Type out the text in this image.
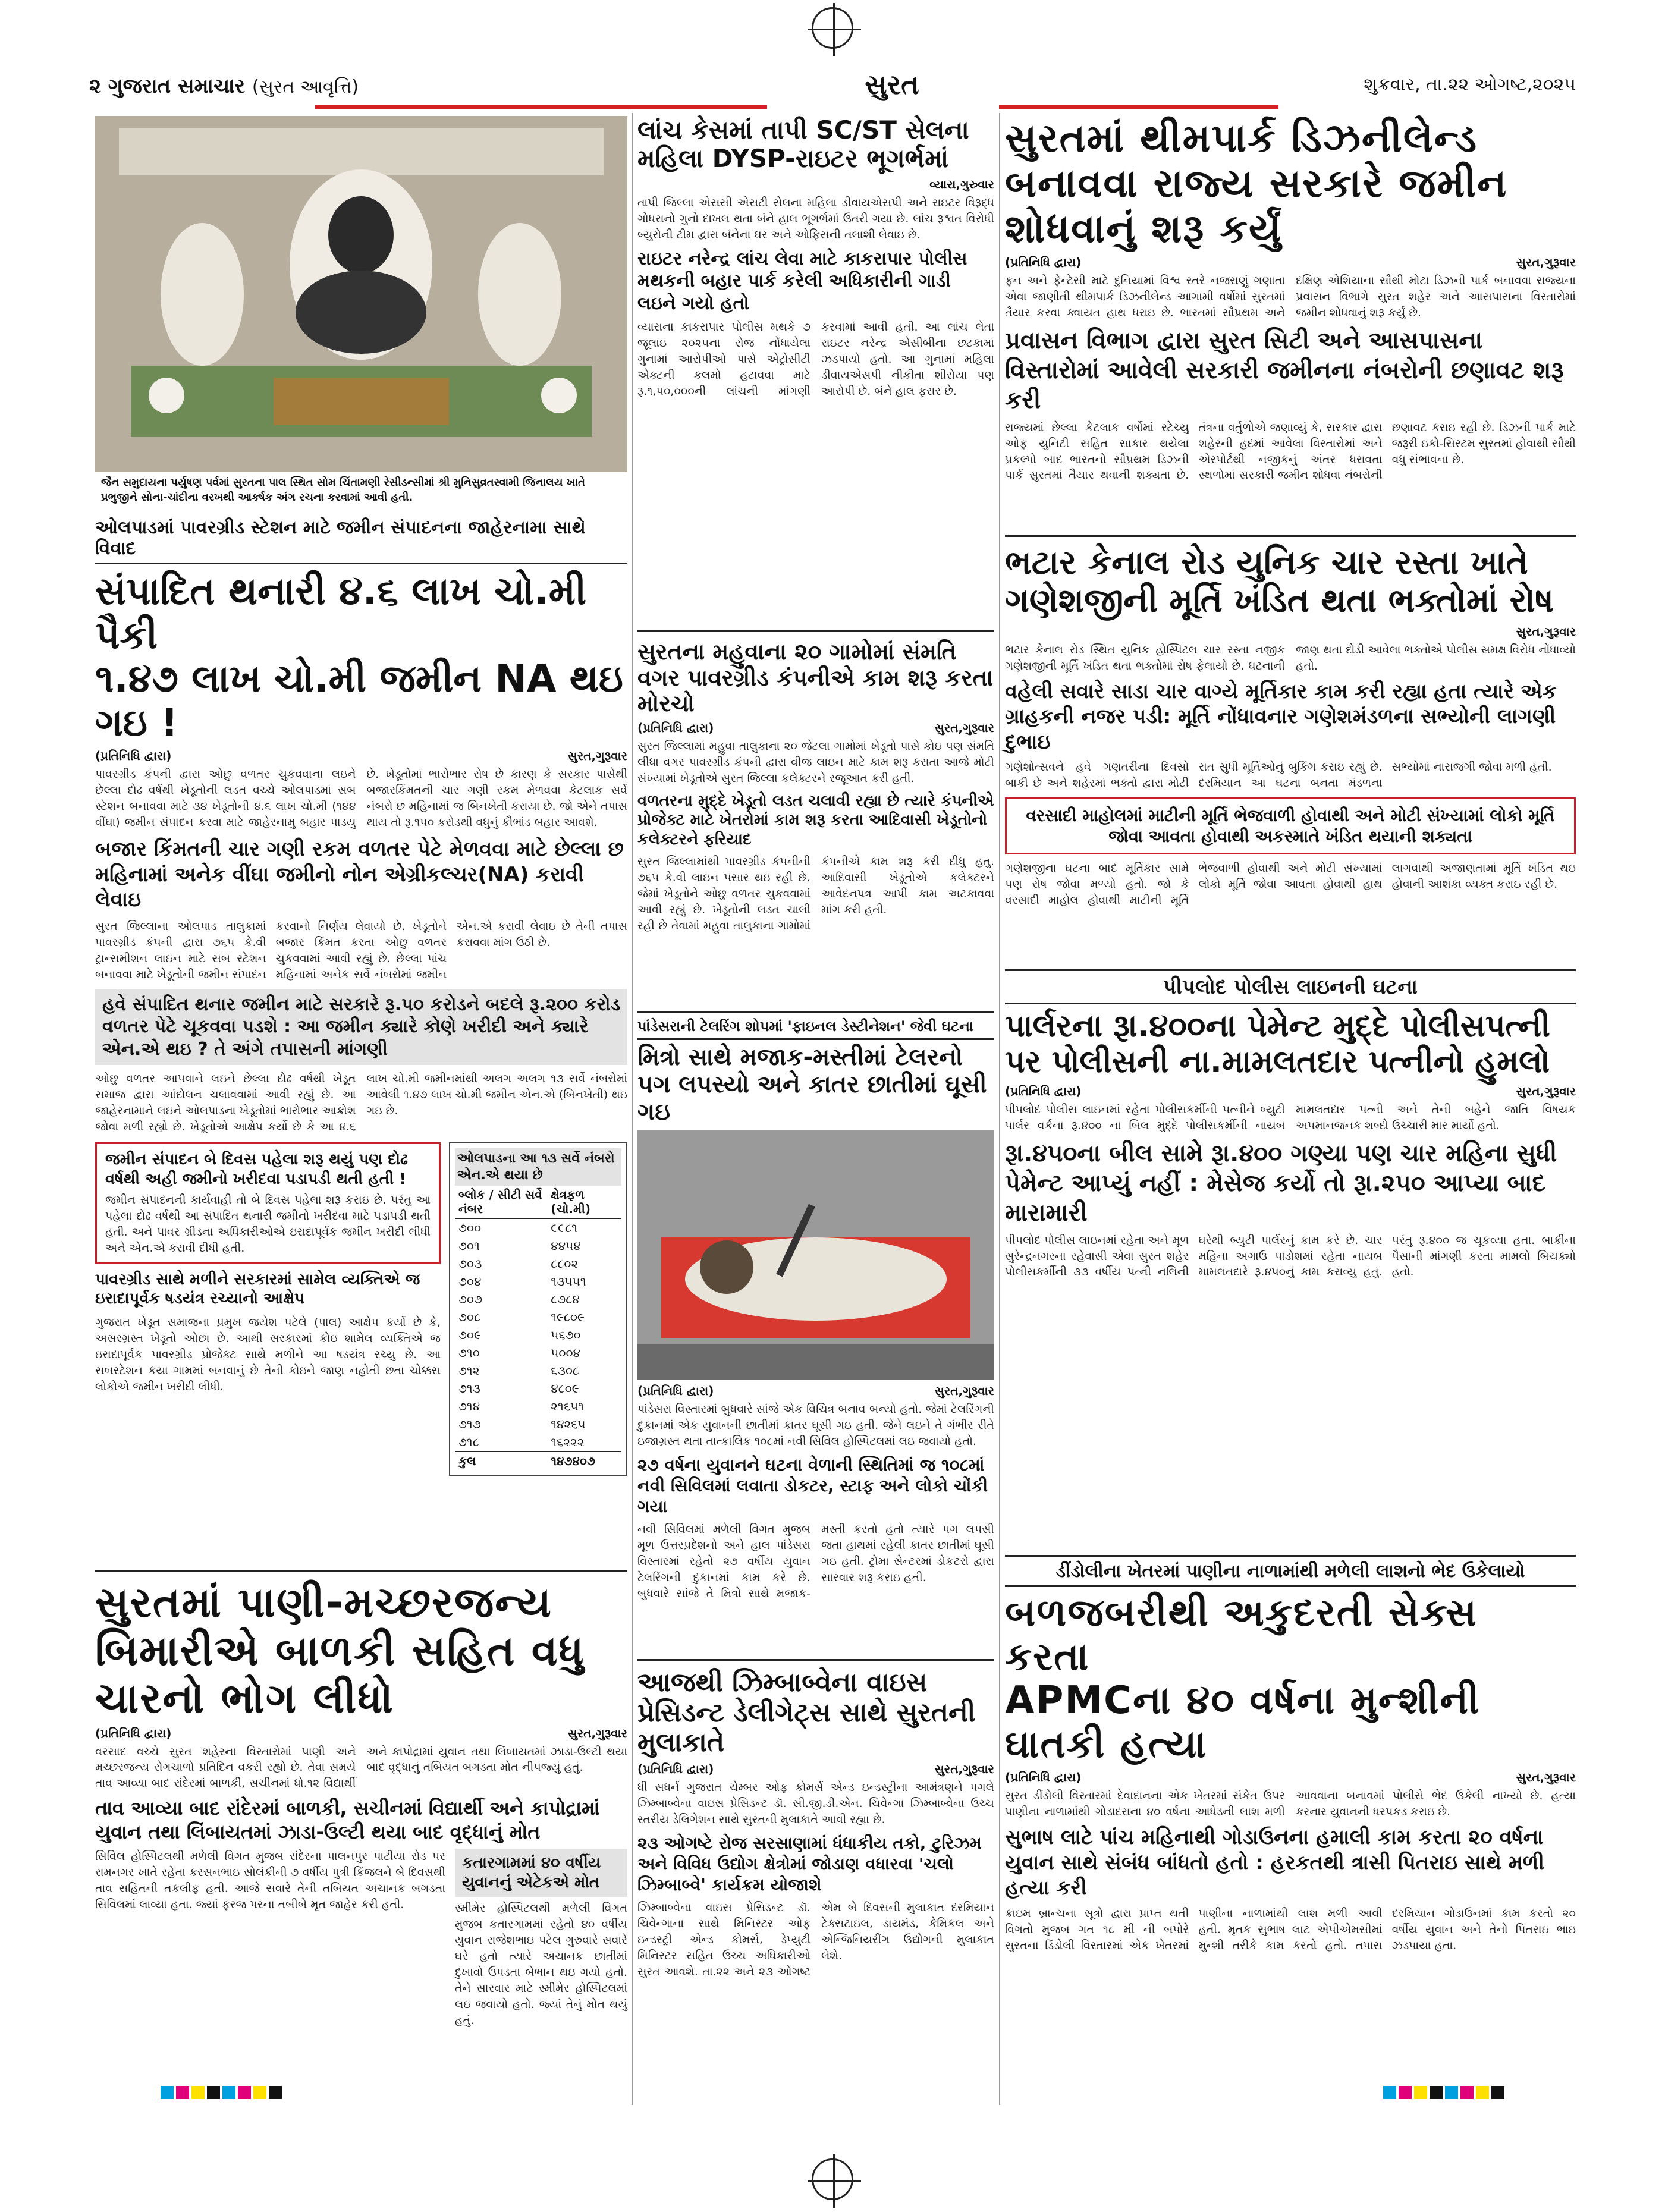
૨ ગુજરાત સમાચાર (સુરત આવૃત્તિ)	સુરત	શુક્રવાર, તા.૨૨ ઓગષ્ટ,૨૦૨૫
જૈન સમુદાયના પર્યુષણ પર્વમાં સુરતના પાલ સ્થિત સોમ ચિંતામણી રેસીડન્સીમાં શ્રી મુનિસુવ્રતસ્વામી જિનાલય ખાતે પ્રભુજીને સોના-ચાંદીના વરખથી આકર્ષક અંગ રચના કરવામાં આવી હતી.
ઓલપાડમાં પાવરગ્રીડ સ્ટેશન માટે જમીન સંપાદનના જાહેરનામા સાથે વિવાદ
સંપાદિત થનારી ૪.૬ લાખ ચો.મી પૈકી
૧.૪૭ લાખ ચો.મી જમીન NA થઇ ગઇ !
(પ્રતિનિધિ દ્વારા)	સુરત,ગુરૂવાર
પાવરગ્રીડ કંપની દ્વારા ઓછુ વળતર ચુકવવાના લઇને છેલ્લા દોઢ વર્ષથી ખેડૂતોની લડત વચ્ચે ઓલપાડમાં સબ સ્ટેશન બનાવવા માટે ૩૪ ખેડૂતોની ૪.૬ લાખ ચો.મી (૧૪૪ વીંઘા) જમીન સંપાદન કરવા માટે જાહેરનામુ બહાર પાડયુ છે. ખેડૂતોમાં ભારોભાર રોષ છે કારણ કે સરકાર પાસેથી બજારકિંમતની ચાર ગણી રકમ મેળવવા કેટલાક સર્વે નંબરો છ મહિનામાં જ બિનખેતી કરાયા છે. જો એને તપાસ થાય તો રૂ.૧૫૦ કરોડથી વધુનું કૌભાંડ બહાર આવશે.
બજાર કિંમતની ચાર ગણી રકમ વળતર પેટે મેળવવા માટે છેલ્લા છ મહિનામાં અનેક વીંઘા જમીનો નોન એગ્રીકલ્ચર(NA) કરાવી લેવાઇ
સુરત જિલ્લાના ઓલપાડ તાલુકામાં પાવરગ્રીડ કંપની દ્વારા ૭૬૫ કે.વી ટ્રાન્સમીશન લાઇન માટે સબ સ્ટેશન બનાવવા માટે ખેડૂતોની જમીન સંપાદન કરવાનો નિર્ણય લેવાયો છે. ખેડૂતોને બજાર કિંમત કરતા ઓછુ વળતર ચુકવવામાં આવી રહ્યું છે. છેલ્લા પાંચ મહિનામાં અનેક સર્વે નંબરોમાં જમીન એન.એ કરાવી લેવાઇ છે તેની તપાસ કરાવવા માંગ ઉઠી છે.
હવે સંપાદિત થનાર જમીન માટે સરકારે રૂ.૫૦ કરોડને બદલે રૂ.૨૦૦ કરોડ વળતર પેટે ચૂકવવા પડશે : આ જમીન ક્યારે કોણે ખરીદી અને ક્યારે એન.એ થઇ ? તે અંગે તપાસની માંગણી
ઓછુ વળતર આપવાને લઇને છેલ્લા દોઢ વર્ષથી ખેડૂત સમાજ દ્વારા આંદોલન ચલાવવામાં આવી રહ્યું છે. આ જાહેરનામાને લઇને ઓલપાડના ખેડૂતોમાં ભારોભાર આક્રોશ જોવા મળી રહ્યો છે. ખેડૂતોએ આક્ષેપ કર્યો છે કે આ ૪.૬ લાખ ચો.મી જમીનમાંથી અલગ અલગ ૧૩ સર્વે નંબરોમાં આવેલી ૧.૪૭ લાખ ચો.મી જમીન એન.એ (બિનખેતી) થઇ ગઇ છે.
જમીન સંપાદન બે દિવસ પહેલા શરૂ થયું પણ દોઢ વર્ષથી અહી જમીનો ખરીદવા પડાપડી થતી હતી !
જમીન સંપાદનની કાર્યવાહી તો બે દિવસ પહેલા શરૂ કરાઇ છે. પરંતુ આ પહેલા દોઢ વર્ષથી આ સંપાદિત થનારી જમીનો ખરીદવા માટે પડાપડી થતી હતી. અને પાવર ગ્રીડના અધિકારીઓએ ઇરાદાપૂર્વક જમીન ખરીદી લીધી અને એન.એ કરાવી દીધી હતી.
પાવરગ્રીડ સાથે મળીને સરકારમાં સામેલ વ્યક્તિએ જ ઇરાદાપૂર્વક ષડયંત્ર રચ્યાનો આક્ષેપ
ગુજરાત ખેડૂત સમાજના પ્રમુખ જયેશ પટેલે (પાલ) આક્ષેપ કર્યો છે કે, અસરગ્રસ્ત ખેડૂતો ઓછા છે. આથી સરકારમાં કોઇ શામેલ વ્યક્તિએ જ ઇરાદાપૂર્વક પાવરગ્રીડ પ્રોજેક્ટ સાથે મળીને આ ષડયંત્ર રચ્યુ છે. આ સબસ્ટેશન કયા ગામમાં બનવાનું છે તેની કોઇને જાણ નહોતી છતા ચોક્કસ લોકોએ જમીન ખરીદી લીધી.
ઓલપાડના આ ૧૩ સર્વે નંબરો એન.એ થયા છે
બ્લોક / સીટી સર્વે નંબર	ક્ષેત્રફળ (ચો.મી)
૭૦૦	૯૯૮૧
૭૦૧	૪૪૫૪
૭૦૩	૮૮૦૨
૭૦૪	૧૩૫૫૧
૭૦૭	૮૭૮૪
૭૦૮	૧૯૮૦૯
૭૦૯	૫૬૭૦
૭૧૦	૫૦૦૪
૭૧૨	૬૩૦૮
૭૧૩	૪૮૦૯
૭૧૪	૨૧૬૫૧
૭૧૭	૧૪૨૬૫
૭૧૮	૧૬૨૨૨
કુલ	૧૪૭૪૦૭
સુરતમાં પાણી-મચ્છરજન્ય બિમારીએ બાળકી સહિત વધુ ચારનો ભોગ લીધો
(પ્રતિનિધિ દ્વારા)	સુરત,ગુરૂવાર
વરસાદ વચ્ચે સુરત શહેરના વિસ્તારોમાં પાણી અને મચ્છરજન્ય રોગચાળો પ્રતિદિન વકરી રહ્યો છે. તેવા સમયે તાવ આવ્યા બાદ રાંદેરમાં બાળકી, સચીનમાં ધો.૧૨ વિદ્યાર્થી અને કાપોદ્રામાં યુવાન તથા લિંબાયતમાં ઝાડા-ઉલ્ટી થયા બાદ વૃદ્ધાનું તબિયત બગડતા મોત નીપજ્યું હતું.
તાવ આવ્યા બાદ રાંદેરમાં બાળકી, સચીનમાં વિદ્યાર્થી અને કાપોદ્રામાં યુવાન તથા લિંબાયતમાં ઝાડા-ઉલ્ટી થયા બાદ વૃદ્ધાનું મોત
સિવિલ હોસ્પિટલથી મળેલી વિગત મુજબ રાંદેરના પાલનપુર પાટીયા રોડ પર રામનગર ખાતે રહેતા કરસનભાઇ સોલંકીની ૭ વર્ષીય પુત્રી કિંજલને બે દિવસથી તાવ સહિતની તકલીફ હતી. આજે સવારે તેની તબિયત અચાનક બગડતા સિવિલમાં લાવ્યા હતા. જ્યાં ફરજ પરના તબીબે મૃત જાહેર કરી હતી.
કતારગામમાં ૪૦ વર્ષીય યુવાનનું એટેકએ મોત
સ્મીમેર હોસ્પિટલથી મળેલી વિગત મુજબ કતારગામમાં રહેતો ૪૦ વર્ષીય યુવાન રાજેશભાઇ પટેલ ગુરુવારે સવારે ઘરે હતો ત્યારે અચાનક છાતીમાં દુખાવો ઉપડતા બેભાન થઇ ગયો હતો. તેને સારવાર માટે સ્મીમેર હોસ્પિટલમાં લઇ જવાયો હતો. જ્યાં તેનું મોત થયું હતું.
લાંચ કેસમાં તાપી SC/ST સેલના મહિલા DYSP-રાઇટર ભૂગર્ભમાં
વ્યારા,ગુરુવાર
તાપી જિલ્લા એસસી એસટી સેલના મહિલા ડીવાયએસપી અને રાઇટર વિરૂદ્ધ ગોધરાનો ગુનો દાખલ થતા બંને હાલ ભૂગર્ભમાં ઉતરી ગયા છે. લાંચ રૂશ્વત વિરોધી બ્યુરોની ટીમ દ્વારા બંનેના ઘર અને ઓફિસની તલાશી લેવાઇ છે.
રાઇટર નરેન્દ્ર લાંચ લેવા માટે કાકરાપાર પોલીસ મથકની બહાર પાર્ક કરેલી અધિકારીની ગાડી લઇને ગયો હતો
વ્યારાના કાકરાપાર પોલીસ મથકે ૭ જૂલાઇ ૨૦૨૫ના રોજ નોંધાયેલા ગુનામાં આરોપીઓ પાસે એટ્રોસીટી એક્ટની કલમો હટાવવા માટે રૂ.૧,૫૦,૦૦૦ની લાંચની માંગણી કરવામાં આવી હતી. આ લાંચ લેતા રાઇટર નરેન્દ્ર એસીબીના છટકામાં ઝડપાયો હતો. આ ગુનામાં મહિલા ડીવાયએસપી નીકીતા શીરોયા પણ આરોપી છે. બંને હાલ ફરાર છે.
સુરતના મહુવાના ૨૦ ગામોમાં સંમતિ વગર પાવરગ્રીડ કંપનીએ કામ શરૂ કરતા મોરચો
(પ્રતિનિધિ દ્વારા)	સુરત,ગુરૂવાર
સુરત જિલ્લામાં મહુવા તાલુકાના ૨૦ જેટલા ગામોમાં ખેડૂતો પાસે કોઇ પણ સંમતિ લીધા વગર પાવરગ્રીડ કંપની દ્વારા વીજ લાઇન માટે કામ શરૂ કરાતા આજે મોટી સંખ્યામાં ખેડૂતોએ સુરત જિલ્લા કલેક્ટરને રજૂઆત કરી હતી.
વળતરના મુદ્દે ખેડૂતો લડત ચલાવી રહ્યા છે ત્યારે કંપનીએ પ્રોજેક્ટ માટે ખેતરોમાં કામ શરૂ કરતા આદિવાસી ખેડૂતોનો કલેક્ટરને ફરિયાદ
સુરત જિલ્લામાંથી પાવરગ્રીડ કંપનીની ૭૬૫ કે.વી લાઇન પસાર થઇ રહી છે. જેમાં ખેડૂતોને ઓછુ વળતર ચુકવવામાં આવી રહ્યું છે. ખેડૂતોની લડત ચાલી રહી છે તેવામાં મહુવા તાલુકાના ગામોમાં કંપનીએ કામ શરૂ કરી દીધુ હતુ. આદિવાસી ખેડૂતોએ કલેક્ટરને આવેદનપત્ર આપી કામ અટકાવવા માંગ કરી હતી.
પાંડેસરાની ટેલરિંગ શોપમાં 'ફાઇનલ ડેસ્ટીનેશન' જેવી ઘટના
મિત્રો સાથે મજાક-મસ્તીમાં ટેલરનો પગ લપસ્યો અને કાતર છાતીમાં ઘૂસી ગઇ
(પ્રતિનિધિ દ્વારા)	સુરત,ગુરૂવાર
પાંડેસરા વિસ્તારમાં બુધવારે સાંજે એક વિચિત્ર બનાવ બન્યો હતો. જેમાં ટેલરિંગની દુકાનમાં એક યુવાનની છાતીમાં કાતર ઘૂસી ગઇ હતી. જેને લઇને તે ગંભીર રીતે ઇજાગ્રસ્ત થતા તાત્કાલિક ૧૦૮માં નવી સિવિલ હોસ્પિટલમાં લઇ જવાયો હતો.
૨૭ વર્ષના યુવાનને ઘટના વેળાની સ્થિતિમાં જ ૧૦૮માં નવી સિવિલમાં લવાતા ડોકટર, સ્ટાફ અને લોકો ચોંકી ગયા
નવી સિવિલમાં મળેલી વિગત મુજબ મૂળ ઉત્તરપ્રદેશનો અને હાલ પાંડેસરા વિસ્તારમાં રહેતો ૨૭ વર્ષીય યુવાન ટેલરિંગની દુકાનમાં કામ કરે છે. બુધવારે સાંજે તે મિત્રો સાથે મજાક-મસ્તી કરતો હતો ત્યારે પગ લપસી જતા હાથમાં રહેલી કાતર છાતીમાં ઘૂસી ગઇ હતી. ટ્રોમા સેન્ટરમાં ડોકટરો દ્વારા સારવાર શરૂ કરાઇ હતી.
આજથી ઝિમ્બાબ્વેના વાઇસ પ્રેસિડન્ટ ડેલીગેટ્સ સાથે સુરતની મુલાકાતે
(પ્રતિનિધિ દ્વારા)	સુરત,ગુરૂવાર
ધી સધર્ન ગુજરાત ચેમ્બર ઓફ કોમર્સ એન્ડ ઇન્ડસ્ટ્રીના આમંત્રણને પગલે ઝિમ્બાબ્વેના વાઇસ પ્રેસિડન્ટ ડૉ. સી.જી.ડી.એન. ચિવેન્ગા ઝિમ્બાબ્વેના ઉચ્ચ સ્તરીય ડેલિગેશન સાથે સુરતની મુલાકાતે આવી રહ્યા છે.
૨૩ ઓગષ્ટે રોજ સરસાણામાં ધંધાકીય તકો, ટુરિઝમ અને વિવિધ ઉદ્યોગ ક્ષેત્રોમાં જોડાણ વધારવા 'ચલો ઝિમ્બાબ્વે' કાર્યક્રમ યોજાશે
ઝિમ્બાબ્વેના વાઇસ પ્રેસિડન્ટ ડૉ. ચિવેન્ગાના સાથે મિનિસ્ટર ઓફ ઇન્ડસ્ટ્રી એન્ડ કોમર્સ, ડેપ્યુટી મિનિસ્ટર સહિત ઉચ્ચ અધિકારીઓ સુરત આવશે. તા.૨૨ અને ૨૩ ઓગષ્ટ એમ બે દિવસની મુલાકાત દરમિયાન ટેક્સટાઇલ, ડાયમંડ, કેમિકલ અને એન્જિનિયરીંગ ઉદ્યોગની મુલાકાત લેશે.
સુરતમાં થીમપાર્ક ડિઝનીલેન્ડ બનાવવા રાજ્ય સરકારે જમીન શોધવાનું શરૂ કર્યું
(પ્રતિનિધિ દ્વારા)	સુરત,ગુરૂવાર
ફન અને ફેન્ટેસી માટે દુનિયામાં વિશ્વ સ્તરે નજરાણું ગણાતા એવા જાણીતી થીમપાર્ક ડિઝનીલેન્ડ આગામી વર્ષોમાં સુરતમાં તૈયાર કરવા ક્વાયત હાથ ધરાઇ છે. ભારતમાં સૌપ્રથમ અને દક્ષિણ એશિયાના સૌથી મોટા ડિઝની પાર્ક બનાવવા રાજ્યના પ્રવાસન વિભાગે સુરત શહેર અને આસપાસના વિસ્તારોમાં જમીન શોધવાનું શરૂ કર્યું છે.
પ્રવાસન વિભાગ દ્વારા સુરત સિટી અને આસપાસના વિસ્તારોમાં આવેલી સરકારી જમીનના નંબરોની છણાવટ શરૂ કરી
રાજ્યમાં છેલ્લા કેટલાક વર્ષોમાં સ્ટેચ્યુ ઓફ યુનિટી સહિત સાકાર થયેલા પ્રકલ્પો બાદ ભારતનો સૌપ્રથમ ડિઝની પાર્ક સુરતમાં તૈયાર થવાની શક્યતા છે. તંત્રના વર્તુળોએ જણાવ્યું કે, સરકાર દ્વારા શહેરની હદમાં આવેલા વિસ્તારોમાં અને એરપોર્ટથી નજીકનું અંતર ધરાવતા સ્થળોમાં સરકારી જમીન શોધવા નંબરોની છણાવટ કરાઇ રહી છે. ડિઝની પાર્ક માટે જરૂરી ઇકો-સિસ્ટમ સુરતમાં હોવાથી સૌથી વધુ સંભાવના છે.
ભટાર કેનાલ રોડ યુનિક ચાર રસ્તા ખાતે ગણેશજીની મૂર્તિ ખંડિત થતા ભક્તોમાં રોષ
સુરત,ગુરૂવાર
ભટાર કેનાલ રોડ સ્થિત યુનિક હોસ્પિટલ ચાર રસ્તા નજીક ગણેશજીની મૂર્તિ ખંડિત થતા ભક્તોમાં રોષ ફેલાયો છે. ઘટનાની જાણ થતા દોડી આવેલા ભક્તોએ પોલીસ સમક્ષ વિરોધ નોંધાવ્યો હતો.
વહેલી સવારે સાડા ચાર વાગ્યે મૂર્તિકાર કામ કરી રહ્યા હતા ત્યારે એક ગ્રાહકની નજર પડી: મૂર્તિ નોંધાવનાર ગણેશમંડળના સભ્યોની લાગણી દુભાઇ
ગણેશોત્સવને હવે ગણતરીના દિવસો બાકી છે અને શહેરમાં ભક્તો દ્વારા મોટી રાત સુધી મૂર્તિઓનું બુકિંગ કરાઇ રહ્યું છે. દરમિયાન આ ઘટના બનતા મંડળના સભ્યોમાં નારાજગી જોવા મળી હતી.
વરસાદી માહોલમાં માટીની મૂર્તિ ભેજવાળી હોવાથી અને મોટી સંખ્યામાં લોકો મૂર્તિ જોવા આવતા હોવાથી અકસ્માતે ખંડિત થયાની શક્યતા
ગણેશજીના ઘટના બાદ મૂર્તિકાર સામે પણ રોષ જોવા મળ્યો હતો. જો કે વરસાદી માહોલ હોવાથી માટીની મૂર્તિ ભેજવાળી હોવાથી અને મોટી સંખ્યામાં લોકો મૂર્તિ જોવા આવતા હોવાથી હાથ લાગવાથી અજાણતામાં મૂર્તિ ખંડિત થઇ હોવાની આશંકા વ્યક્ત કરાઇ રહી છે.
પીપલોદ પોલીસ લાઇનની ઘટના
પાર્લરના રૂા.૪૦૦ના પેમેન્ટ મુદ્દે પોલીસપત્ની પર પોલીસની ના.મામલતદાર પત્નીનો હુમલો
(પ્રતિનિધિ દ્વારા)	સુરત,ગુરૂવાર
પીપલોદ પોલીસ લાઇનમાં રહેતા પોલીસકર્મીની પત્નીને બ્યુટી પાર્લર વર્કના રૂ.૪૦૦ ના બિલ મુદ્દે પોલીસકર્મીની નાયબ મામલતદાર પત્ની અને તેની બહેને જાતિ વિષયક અપમાનજનક શબ્દો ઉચ્ચારી માર માર્યો હતો.
રૂા.૪૫૦ના બીલ સામે રૂા.૪૦૦ ગણ્યા પણ ચાર મહિના સુધી પેમેન્ટ આપ્યું નહીં : મેસેજ કર્યો તો રૂા.૨૫૦ આપ્યા બાદ મારામારી
પીપલોદ પોલીસ લાઇનમાં રહેતા અને મૂળ સુરેન્દ્રનગરના રહેવાસી એવા સુરત શહેર પોલીસકર્મીની ૩૩ વર્ષીય પત્ની નલિની ઘરેથી બ્યુટી પાર્લરનું કામ કરે છે. ચાર મહિના અગાઉ પાડોશમાં રહેતા નાયબ મામલતદારે રૂ.૪૫૦નું કામ કરાવ્યુ હતું. પરંતુ રૂ.૪૦૦ જ ચૂકવ્યા હતા. બાકીના પૈસાની માંગણી કરતા મામલો બિચક્યો હતો.
ડીંડોલીના ખેતરમાં પાણીના નાળામાંથી મળેલી લાશનો ભેદ ઉકેલાયો
બળજબરીથી અકુદરતી સેક્સ કરતા
APMCના ૪૦ વર્ષના મુન્શીની ઘાતકી હત્યા
(પ્રતિનિધિ દ્વારા)	સુરત,ગુરૂવાર
સુરત ડીંડોલી વિસ્તારમાં દેવાદાનના એક ખેતરમાં સંકેત ઉપર પાણીના નાળામાંથી ગોડાદરાના ૪૦ વર્ષના આધેડની લાશ મળી આવવાના બનાવમાં પોલીસે ભેદ ઉકેલી નાખ્યો છે. હત્યા કરનાર યુવાનની ધરપકડ કરાઇ છે.
સુભાષ લાટે પાંચ મહિનાથી ગોડાઉનના હમાલી કામ કરતા ૨૦ વર્ષના યુવાન સાથે સંબંધ બાંધતો હતો : હરકતથી ત્રાસી પિતરાઇ સાથે મળી હત્યા કરી
ક્રાઇમ બ્રાન્ચના સૂત્રો દ્વારા પ્રાપ્ત થતી વિગતો મુજબ ગત ૧૮ મી ની બપોરે સુરતના ડિંડોલી વિસ્તારમાં એક ખેતરમાં પાણીના નાળામાંથી લાશ મળી આવી હતી. મૃતક સુભાષ લાટ એપીએમસીમાં મુન્શી તરીકે કામ કરતો હતો. તપાસ દરમિયાન ગોડાઉનમાં કામ કરતો ૨૦ વર્ષીય યુવાન અને તેનો પિતરાઇ ભાઇ ઝડપાયા હતા.
